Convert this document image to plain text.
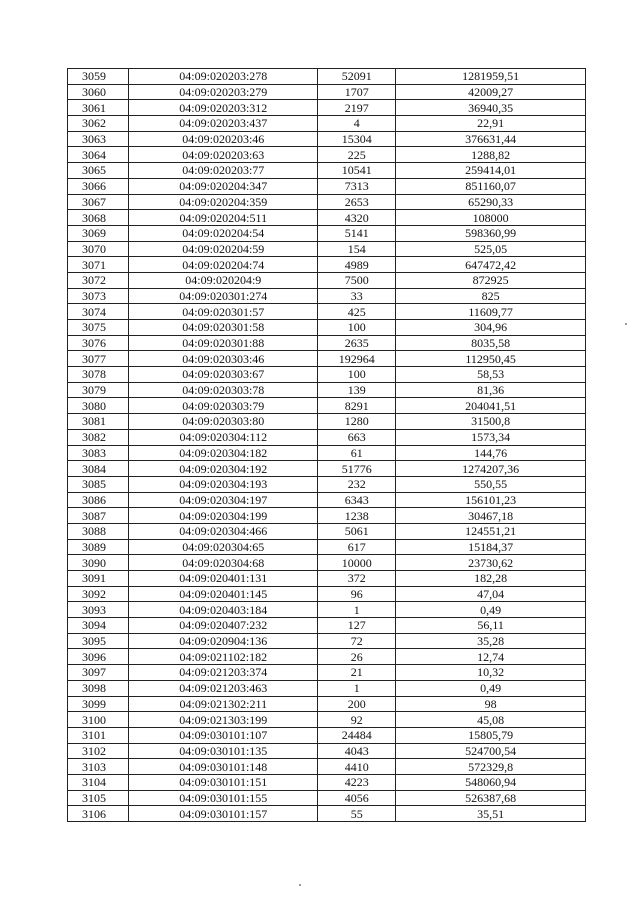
3059	04:09:020203:278	52091	1281959,51
3060	04:09:020203:279	1707	42009,27
3061	04:09:020203:312	2197	36940,35
3062	04:09:020203:437	4	22,91
3063	04:09:020203:46	15304	376631,44
3064	04:09:020203:63	225	1288,82
3065	04:09:020203:77	10541	259414,01
3066	04:09:020204:347	7313	851160,07
3067	04:09:020204:359	2653	65290,33
3068	04:09:020204:511	4320	108000
3069	04:09:020204:54	5141	598360,99
3070	04:09:020204:59	154	525,05
3071	04:09:020204:74	4989	647472,42
3072	04:09:020204:9	7500	872925
3073	04:09:020301:274	33	825
3074	04:09:020301:57	425	11609,77
3075	04:09:020301:58	100	304,96
3076	04:09:020301:88	2635	8035,58
3077	04:09:020303:46	192964	112950,45
3078	04:09:020303:67	100	58,53
3079	04:09:020303:78	139	81,36
3080	04:09:020303:79	8291	204041,51
3081	04:09:020303:80	1280	31500,8
3082	04:09:020304:112	663	1573,34
3083	04:09:020304:182	61	144,76
3084	04:09:020304:192	51776	1274207,36
3085	04:09:020304:193	232	550,55
3086	04:09:020304:197	6343	156101,23
3087	04:09:020304:199	1238	30467,18
3088	04:09:020304:466	5061	124551,21
3089	04:09:020304:65	617	15184,37
3090	04:09:020304:68	10000	23730,62
3091	04:09:020401:131	372	182,28
3092	04:09:020401:145	96	47,04
3093	04:09:020403:184	1	0,49
3094	04:09:020407:232	127	56,11
3095	04:09:020904:136	72	35,28
3096	04:09:021102:182	26	12,74
3097	04:09:021203:374	21	10,32
3098	04:09:021203:463	1	0,49
3099	04:09:021302:211	200	98
3100	04:09:021303:199	92	45,08
3101	04:09:030101:107	24484	15805,79
3102	04:09:030101:135	4043	524700,54
3103	04:09:030101:148	4410	572329,8
3104	04:09:030101:151	4223	548060,94
3105	04:09:030101:155	4056	526387,68
3106	04:09:030101:157	55	35,51
